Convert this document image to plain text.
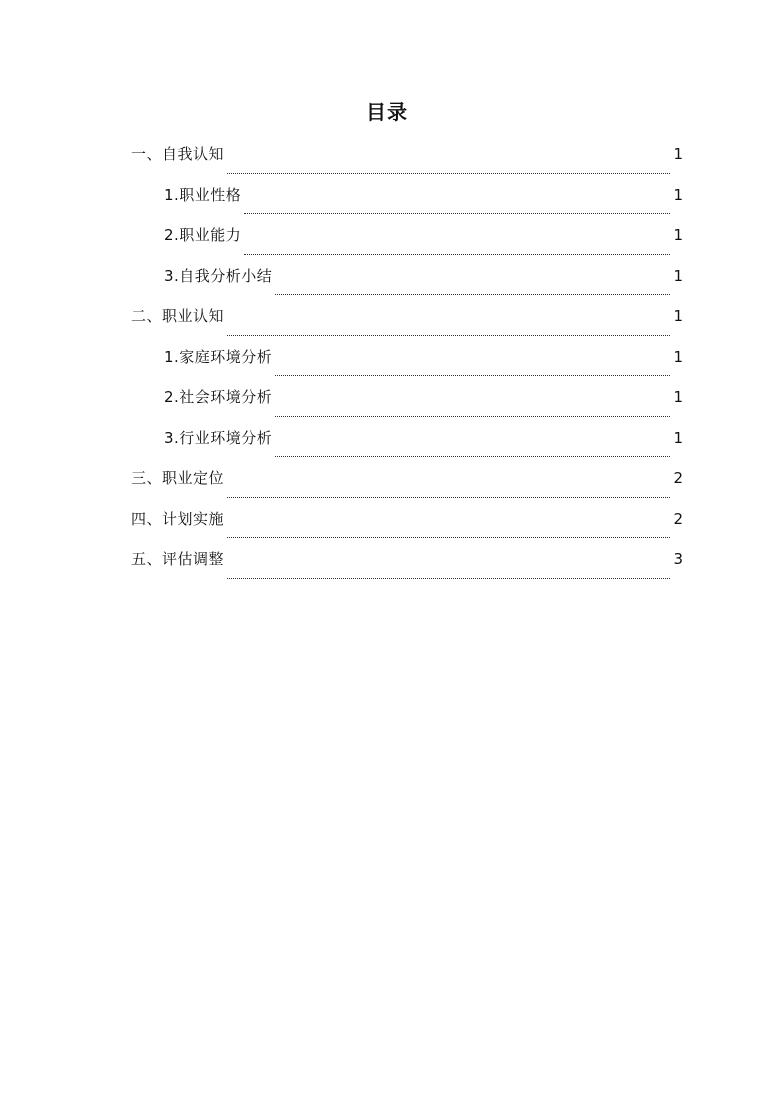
目录
一、自我认知	1
1.职业性格	1
2.职业能力	1
3.自我分析小结	1
二、职业认知	1
1.家庭环境分析	1
2.社会环境分析	1
3.行业环境分析	1
三、职业定位	2
四、计划实施	2
五、评估调整	3
